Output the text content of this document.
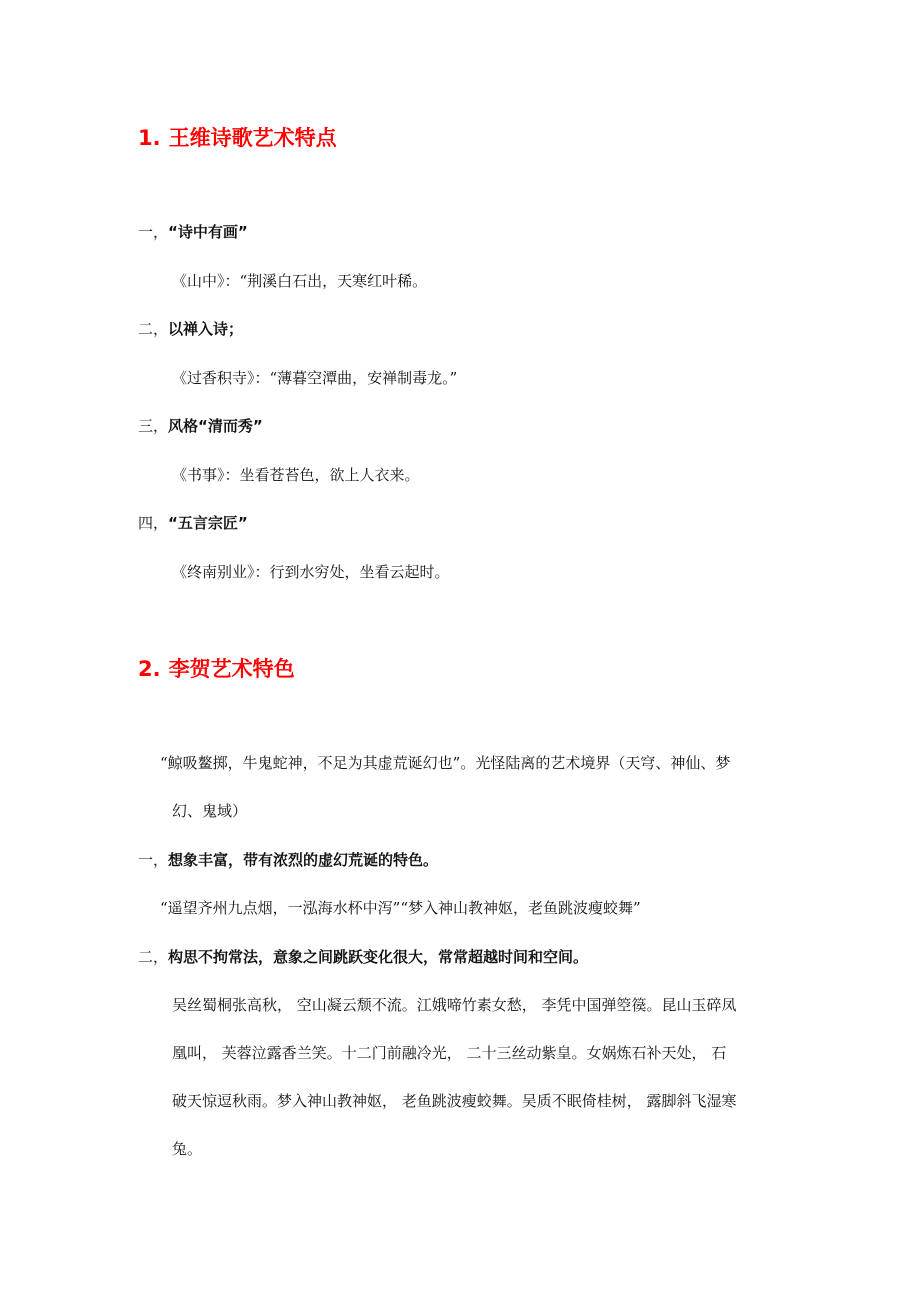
1. 王维诗歌艺术特点

一，“诗中有画”

《山中》：“荆溪白石出，天寒红叶稀。

二，以禅入诗；

《过香积寺》：“薄暮空潭曲，安禅制毒龙。”

三，风格“清而秀”

《书事》：坐看苍苔色，欲上人衣来。

四，“五言宗匠”

《终南别业》：行到水穷处，坐看云起时。

2. 李贺艺术特色

“鲸吸鳌掷，牛鬼蛇神，不足为其虚荒诞幻也”。光怪陆离的艺术境界（天穹、神仙、梦

幻、鬼域）

一，想象丰富，带有浓烈的虚幻荒诞的特色。

“遥望齐州九点烟，一泓海水杯中泻”“梦入神山教神妪，老鱼跳波瘦蛟舞”

二，构思不拘常法，意象之间跳跃变化很大，常常超越时间和空间。

吴丝蜀桐张高秋， 空山凝云颓不流。江娥啼竹素女愁， 李凭中国弹箜篌。昆山玉碎凤

凰叫， 芙蓉泣露香兰笑。十二门前融冷光， 二十三丝动紫皇。女娲炼石补天处， 石

破天惊逗秋雨。梦入神山教神妪， 老鱼跳波瘦蛟舞。吴质不眠倚桂树， 露脚斜飞湿寒

兔。
